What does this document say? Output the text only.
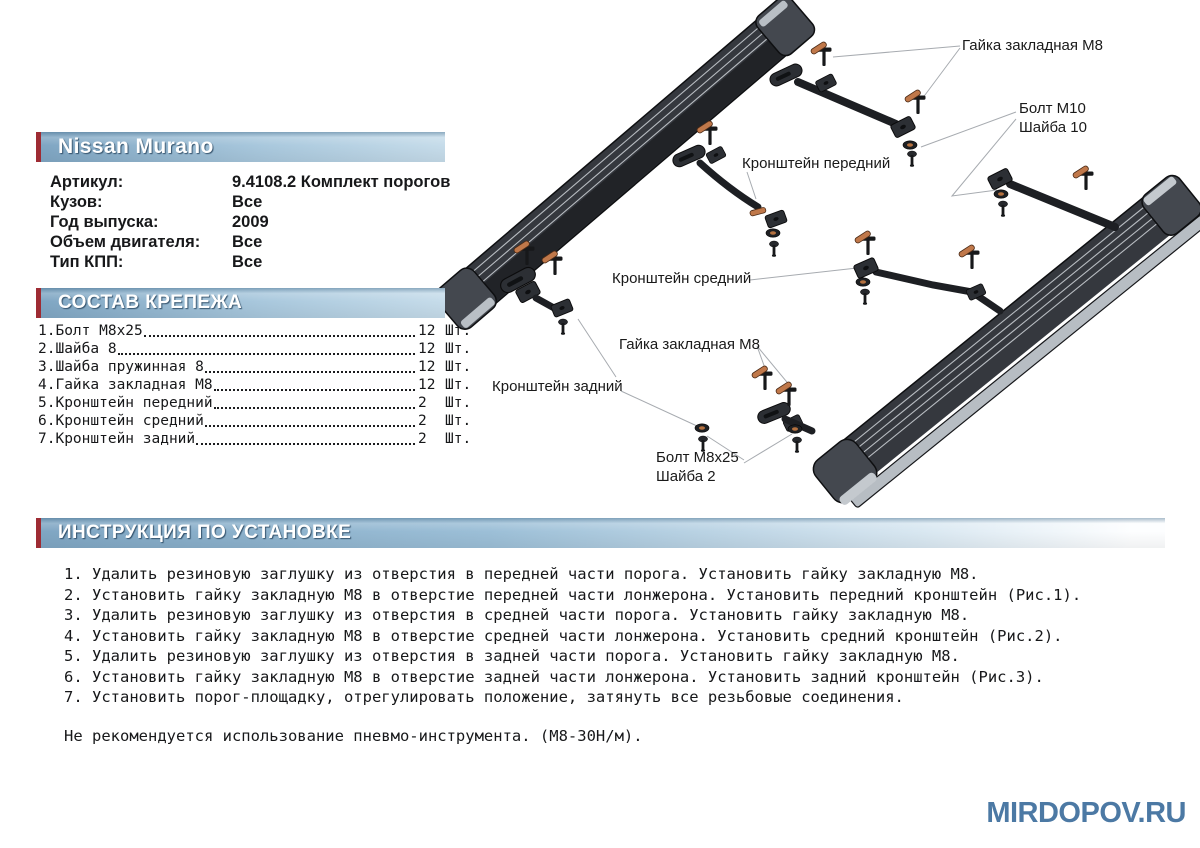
Nissan Murano
Артикул:	9.4108.2 Комплект порогов
Кузов:	Все
Год выпуска:	2009
Объем двигателя:	Все
Тип КПП:	Все
СОСТАВ КРЕПЕЖА
1.Болт М8х25	12 Шт.
2.Шайба 8	12 Шт.
3.Шайба пружинная 8	12 Шт.
4.Гайка закладная М8	12 Шт.
5.Кронштейн передний	2	Шт.
6.Кронштейн средний	2	Шт.
7.Кронштейн задний	2	Шт.
ИНСТРУКЦИЯ ПО УСТАНОВКЕ
1. Удалить резиновую заглушку из отверстия в передней части порога. Установить гайку закладную М8.
2. Установить гайку закладную М8 в отверстие передней части лонжерона. Установить передний кронштейн (Рис.1).
3. Удалить резиновую заглушку из отверстия в средней части порога. Установить гайку закладную М8.
4. Установить гайку закладную М8 в отверстие средней части лонжерона. Установить средний кронштейн (Рис.2).
5. Удалить резиновую заглушку из отверстия в задней части порога. Установить гайку закладную М8.
6. Установить гайку закладную М8 в отверстие задней части лонжерона. Установить задний кронштейн (Рис.3).
7. Установить порог-площадку, отрегулировать положение, затянуть все резьбовые соединения.
Не рекомендуется использование пневмо-инструмента. (М8-30Н/м).
Гайка закладная М8
Болт М10
Шайба 10
Кронштейн передний
Кронштейн средний
Гайка закладная М8
Кронштейн задний
Болт М8х25
Шайба 2
MIRDOPOV.RU
